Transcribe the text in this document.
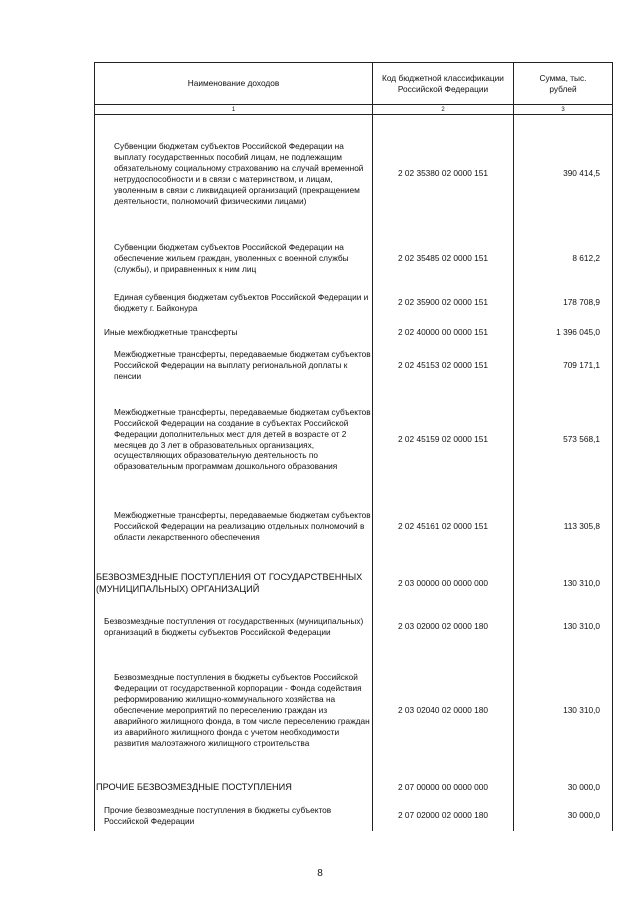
Наименование доходов	Код бюджетной классификации Российской Федерации	Сумма, тыс. рублей
1	2	3

Субвенции бюджетам субъектов Российской Федерации на выплату государственных пособий лицам, не подлежащим обязательному социальному страхованию на случай временной нетрудоспособности и в связи с материнством, и лицам, уволенным в связи с ликвидацией организаций (прекращением деятельности, полномочий физическими лицами)	2 02 35380 02 0000 151	390 414,5

Субвенции бюджетам субъектов Российской Федерации на обеспечение жильем граждан, уволенных с военной службы (службы), и приравненных к ним лиц	2 02 35485 02 0000 151	8 612,2

Единая субвенция бюджетам субъектов Российской Федерации и бюджету г. Байконура	2 02 35900 02 0000 151	178 708,9

Иные межбюджетные трансферты	2 02 40000 00 0000 151	1 396 045,0

Межбюджетные трансферты, передаваемые бюджетам субъектов Российской Федерации на выплату региональной доплаты к пенсии	2 02 45153 02 0000 151	709 171,1

Межбюджетные трансферты, передаваемые бюджетам субъектов Российской Федерации на создание в субъектах Российской Федерации дополнительных мест для детей в возрасте от 2 месяцев до 3 лет в образовательных организациях, осуществляющих образовательную деятельность по образовательным программам дошкольного образования	2 02 45159 02 0000 151	573 568,1

Межбюджетные трансферты, передаваемые бюджетам субъектов Российской Федерации на реализацию отдельных полномочий в области лекарственного обеспечения	2 02 45161 02 0000 151	113 305,8

БЕЗВОЗМЕЗДНЫЕ ПОСТУПЛЕНИЯ ОТ ГОСУДАРСТВЕННЫХ (МУНИЦИПАЛЬНЫХ) ОРГАНИЗАЦИЙ	2 03 00000 00 0000 000	130 310,0

Безвозмездные поступления от государственных (муниципальных) организаций в бюджеты субъектов Российской Федерации	2 03 02000 02 0000 180	130 310,0

Безвозмездные поступления в бюджеты субъектов Российской Федерации от государственной корпорации - Фонда содействия реформированию жилищно-коммунального хозяйства на обеспечение мероприятий по переселению граждан из аварийного жилищного фонда, в том числе переселению граждан из аварийного жилищного фонда с учетом необходимости развития малоэтажного жилищного строительства	2 03 02040 02 0000 180	130 310,0

ПРОЧИЕ БЕЗВОЗМЕЗДНЫЕ ПОСТУПЛЕНИЯ	2 07 00000 00 0000 000	30 000,0

Прочие безвозмездные поступления в бюджеты субъектов Российской Федерации	2 07 02000 02 0000 180	30 000,0
8
